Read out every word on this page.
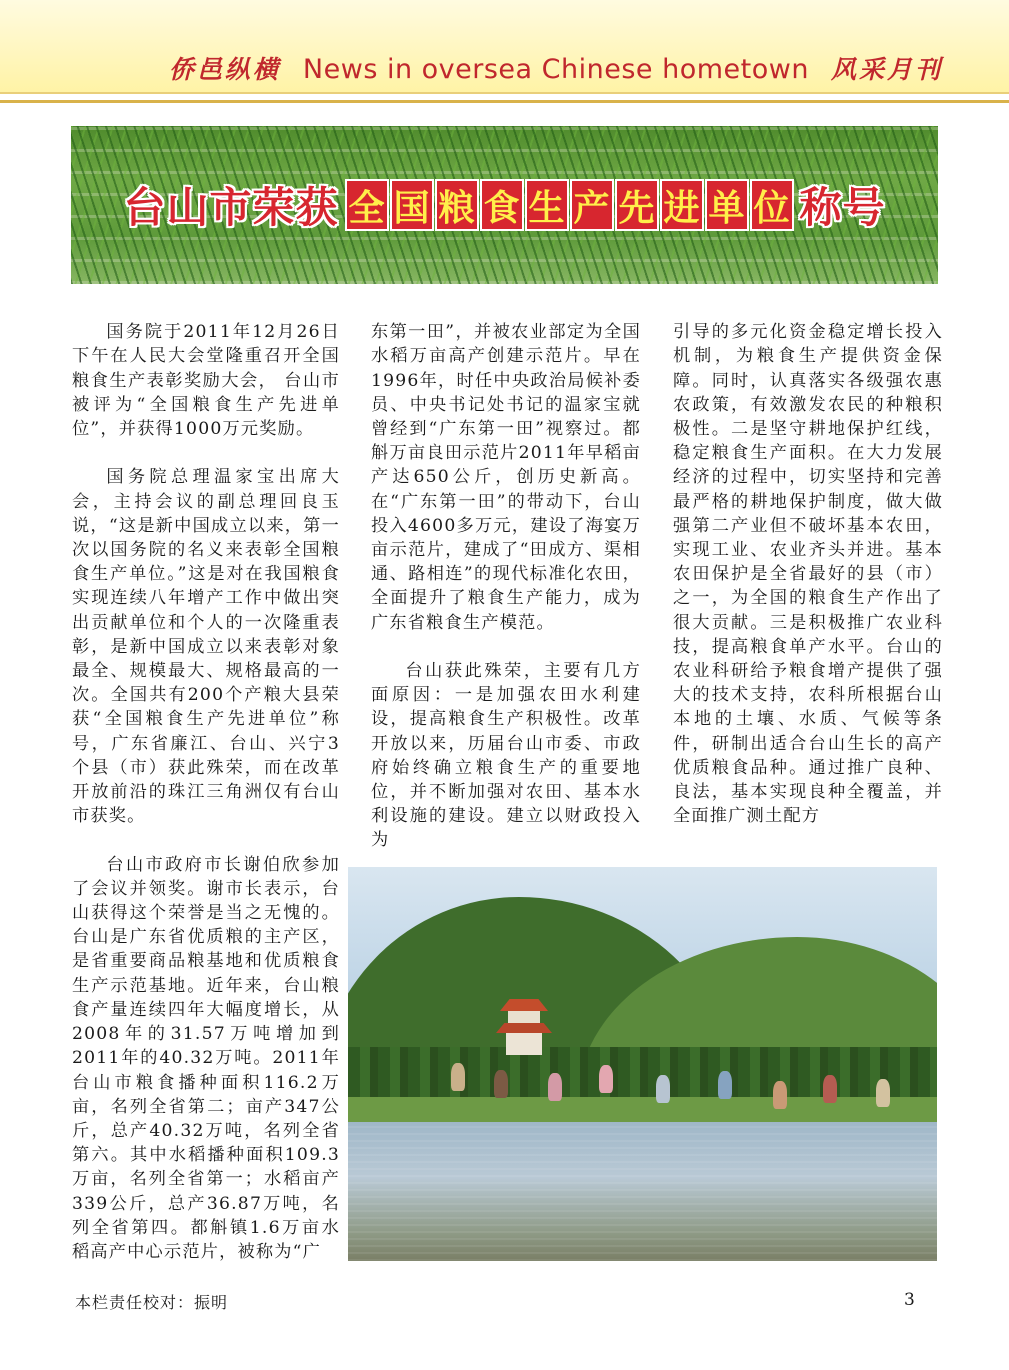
侨邑纵横 News in oversea Chinese hometown 风采月刊
台山市荣获 全 国 粮 食 生 产 先 进 单 位 称号

国务院于2011年12月26日下午在人民大会堂隆重召开全国粮食生产表彰奖励大会， 台山市被评为“全国粮食生产先进单位”，并获得1000万元奖励。

国务院总理温家宝出席大会，主持会议的副总理回良玉说，“这是新中国成立以来，第一次以国务院的名义来表彰全国粮食生产单位。”这是对在我国粮食实现连续八年增产工作中做出突出贡献单位和个人的一次隆重表彰，是新中国成立以来表彰对象最全、规模最大、规格最高的一次。全国共有200个产粮大县荣获“全国粮食生产先进单位”称号，广东省廉江、台山、兴宁3个县（市）获此殊荣，而在改革开放前沿的珠江三角洲仅有台山市获奖。

台山市政府市长谢伯欣参加了会议并领奖。谢市长表示，台山获得这个荣誉是当之无愧的。台山是广东省优质粮的主产区，是省重要商品粮基地和优质粮食生产示范基地。近年来，台山粮食产量连续四年大幅度增长，从2008年的31.57万吨增加到2011年的40.32万吨。2011年台山市粮食播种面积116.2万亩，名列全省第二；亩产347公斤，总产40.32万吨，名列全省第六。其中水稻播种面积109.3万亩，名列全省第一；水稻亩产339公斤，总产36.87万吨，名列全省第四。都斛镇1.6万亩水稻高产中心示范片，被称为“广

东第一田”，并被农业部定为全国水稻万亩高产创建示范片。早在1996年，时任中央政治局候补委员、中央书记处书记的温家宝就曾经到“广东第一田”视察过。都斛万亩良田示范片2011年早稻亩产达650公斤，创历史新高。在“广东第一田”的带动下，台山投入4600多万元，建设了海宴万亩示范片，建成了“田成方、渠相通、路相连”的现代标准化农田，全面提升了粮食生产能力，成为广东省粮食生产模范。

台山获此殊荣，主要有几方面原因：一是加强农田水利建设，提高粮食生产积极性。改革开放以来，历届台山市委、市政府始终确立粮食生产的重要地位，并不断加强对农田、基本水利设施的建设。建立以财政投入为

引导的多元化资金稳定增长投入机制，为粮食生产提供资金保障。同时，认真落实各级强农惠农政策，有效激发农民的种粮积极性。二是坚守耕地保护红线，稳定粮食生产面积。在大力发展经济的过程中，切实坚持和完善最严格的耕地保护制度，做大做强第二产业但不破坏基本农田，实现工业、农业齐头并进。基本农田保护是全省最好的县（市）之一，为全国的粮食生产作出了很大贡献。三是积极推广农业科技，提高粮食单产水平。台山的农业科研给予粮食增产提供了强大的技术支持，农科所根据台山本地的土壤、水质、气候等条件，研制出适合台山生长的高产优质粮食品种。通过推广良种、良法，基本实现良种全覆盖，并全面推广测土配方

本栏责任校对：振明	3
